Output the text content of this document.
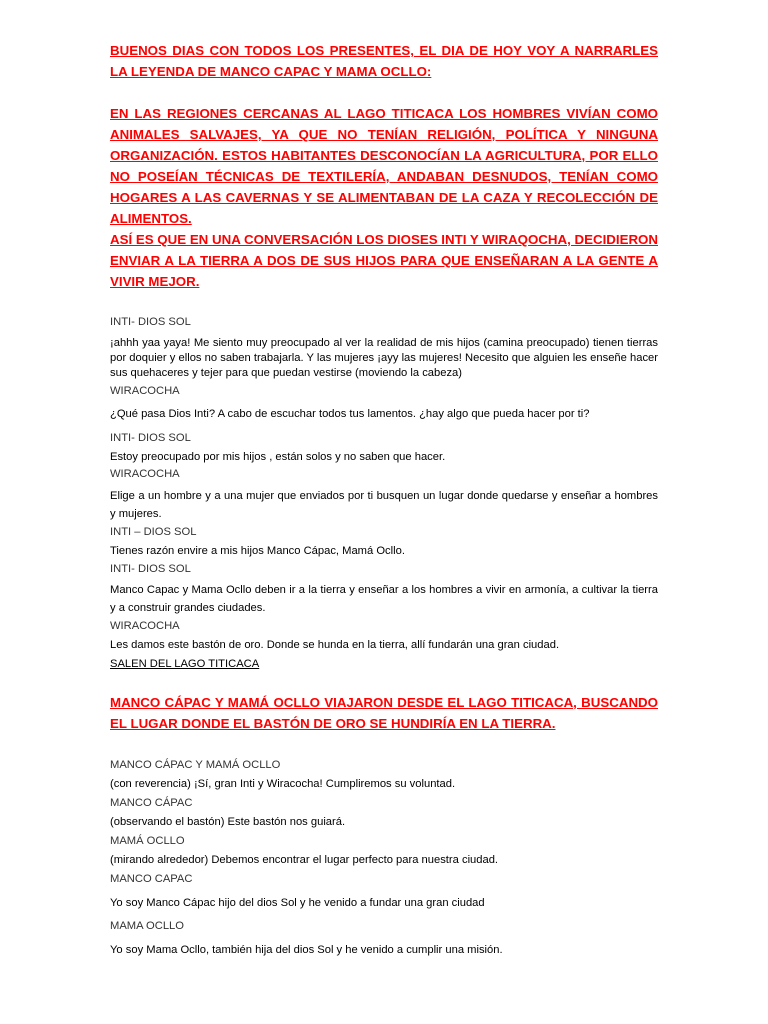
BUENOS DIAS CON TODOS LOS PRESENTES, EL DIA DE HOY VOY A NARRARLES LA LEYENDA DE MANCO CAPAC Y MAMA OCLLO:

EN LAS REGIONES CERCANAS AL LAGO TITICACA LOS HOMBRES VIVÍAN COMO ANIMALES SALVAJES, YA QUE NO TENÍAN RELIGIÓN, POLÍTICA Y NINGUNA ORGANIZACIÓN. ESTOS HABITANTES DESCONOCÍAN LA AGRICULTURA, POR ELLO NO POSEÍAN TÉCNICAS DE TEXTILERÍA, ANDABAN DESNUDOS, TENÍAN COMO HOGARES A LAS CAVERNAS Y SE ALIMENTABAN DE LA CAZA Y RECOLECCIÓN DE ALIMENTOS.

ASÍ ES QUE EN UNA CONVERSACIÓN LOS DIOSES INTI Y WIRAQOCHA, DECIDIERON ENVIAR A LA TIERRA A DOS DE SUS HIJOS PARA QUE ENSEÑARAN A LA GENTE A VIVIR MEJOR.

INTI- DIOS SOL

¡ahhh yaa yaya! Me siento muy preocupado al ver la realidad de mis hijos (camina preocupado) tienen tierras por doquier y ellos no saben trabajarla. Y las mujeres ¡ayy las mujeres! Necesito que alguien les enseñe hacer sus quehaceres y tejer para que puedan vestirse (moviendo la cabeza)

WIRACOCHA

¿Qué pasa Dios Inti? A cabo de escuchar todos tus lamentos. ¿hay algo que pueda hacer por ti?

INTI- DIOS SOL

Estoy preocupado por mis hijos , están solos y no saben que hacer.

WIRACOCHA

Elige a un hombre y a una mujer que enviados por ti busquen un lugar donde quedarse y enseñar a hombres y mujeres.

INTI – DIOS SOL

Tienes razón envire a mis hijos Manco Cápac, Mamá Ocllo.

INTI- DIOS SOL

Manco Capac y Mama Ocllo deben ir a la tierra y enseñar a los hombres a vivir en armonía, a cultivar la tierra y a construir grandes ciudades.

WIRACOCHA

Les damos este bastón de oro. Donde se hunda en la tierra, allí fundarán una gran ciudad.

SALEN DEL LAGO TITICACA

MANCO CÁPAC Y MAMÁ OCLLO VIAJARON DESDE EL LAGO TITICACA, BUSCANDO EL LUGAR DONDE EL BASTÓN DE ORO SE HUNDIRÍA EN LA TIERRA.

MANCO CÁPAC Y MAMÁ OCLLO

(con reverencia) ¡Sí, gran Inti y Wiracocha! Cumpliremos su voluntad.

MANCO CÁPAC

(observando el bastón) Este bastón nos guiará.

MAMÁ OCLLO

(mirando alrededor) Debemos encontrar el lugar perfecto para nuestra ciudad.

MANCO CAPAC

Yo soy Manco Cápac hijo del dios Sol y he venido a fundar una gran ciudad

MAMA OCLLO

Yo soy Mama Ocllo, también hija del dios Sol y he venido a cumplir una misión.
